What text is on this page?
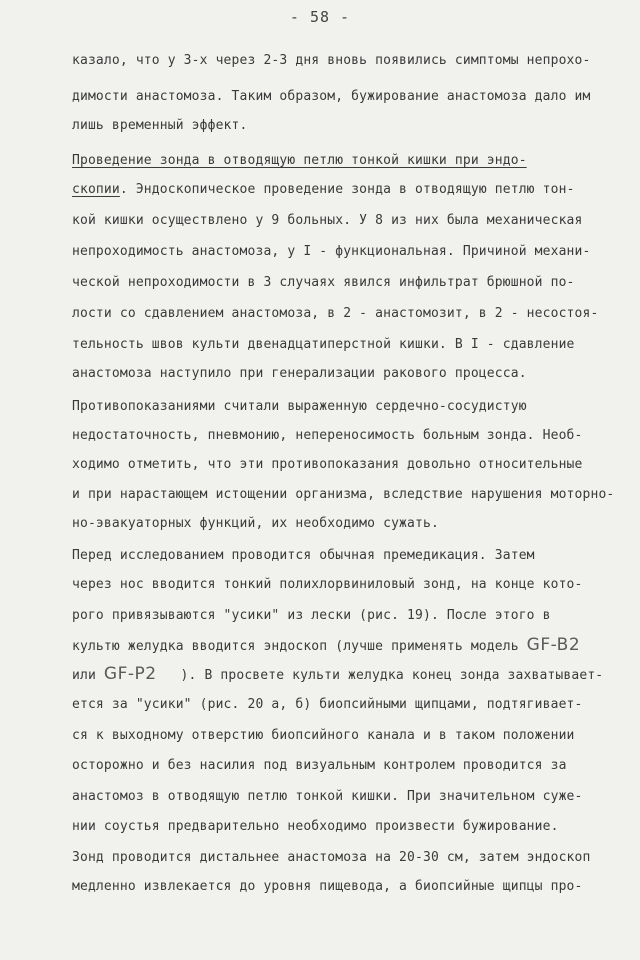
- 58 -
казало, что у 3-х через 2-3 дня вновь появились симптомы непрохо-
димости анастомоза. Таким образом, бужирование анастомоза дало им
лишь временный эффект.
Проведение зонда в отводящую петлю тонкой кишки при эндо-
скопии. Эндоскопическое проведение зонда в отводящую петлю тон-
кой кишки осуществлено у 9 больных. У 8 из них была механическая
непроходимость анастомоза, у I - функциональная. Причиной механи-
ческой непроходимости в 3 случаях явился инфильтрат брюшной по-
лости со сдавлением анастомоза, в 2 - анастомозит, в 2 - несостоя-
тельность швов культи двенадцатиперстной кишки. В I - сдавление
анастомоза наступило при генерализации ракового процесса.
Противопоказаниями считали выраженную сердечно-сосудистую
недостаточность, пневмонию, непереносимость больным зонда. Необ-
ходимо отметить, что эти противопоказания довольно относительные
и при нарастающем истощении организма, вследствие нарушения моторно-
но-эвакуаторных функций, их необходимо сужать.
Перед исследованием проводится обычная премедикация. Затем
через нос вводится тонкий полихлорвиниловый зонд, на конце кото-
рого привязываются "усики" из лески (рис. 19). После этого в
культю желудка вводится эндоскоп (лучше применять модель GF-B2
или GF-P2   ). В просвете культи желудка конец зонда захватывает-
ется за "усики" (рис. 20 а, б) биопсийными щипцами, подтягивает-
ся к выходному отверстию биопсийного канала и в таком положении
осторожно и без насилия под визуальным контролем проводится за
анастомоз в отводящую петлю тонкой кишки. При значительном суже-
нии соустья предварительно необходимо произвести бужирование.
Зонд проводится дистальнее анастомоза на 20-30 см, затем эндоскоп
медленно извлекается до уровня пищевода, а биопсийные щипцы про-
